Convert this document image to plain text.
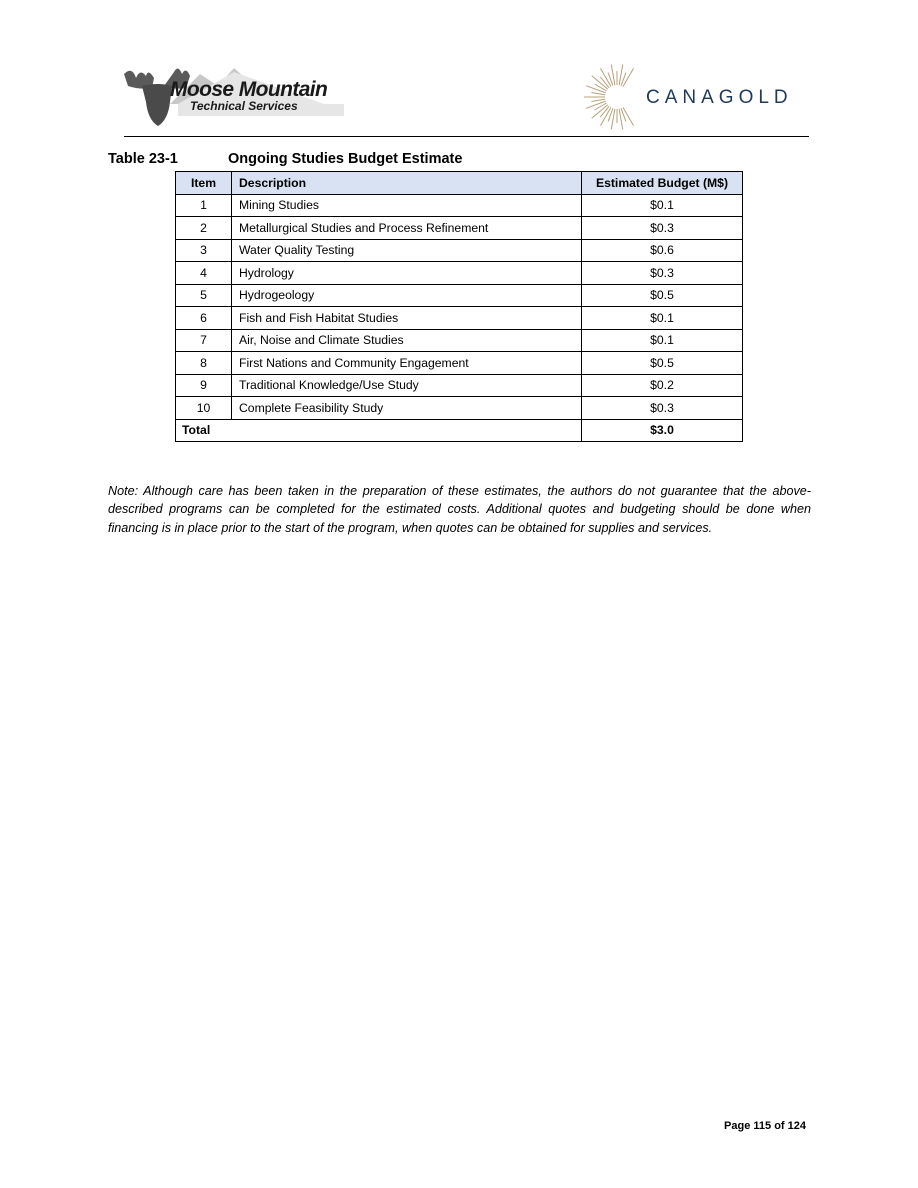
Moose Mountain
Technical Services	CANAGOLD
Table 23-1	Ongoing Studies Budget Estimate
Item	Description	Estimated Budget (M$)
1	Mining Studies	$0.1
2	Metallurgical Studies and Process Refinement	$0.3
3	Water Quality Testing	$0.6
4	Hydrology	$0.3
5	Hydrogeology	$0.5
6	Fish and Fish Habitat Studies	$0.1
7	Air, Noise and Climate Studies	$0.1
8	First Nations and Community Engagement	$0.5
9	Traditional Knowledge/Use Study	$0.2
10	Complete Feasibility Study	$0.3
Total		$3.0

Note: Although care has been taken in the preparation of these estimates, the authors do not guarantee that the above-described programs can be completed for the estimated costs. Additional quotes and budgeting should be done when financing is in place prior to the start of the program, when quotes can be obtained for supplies and services.

Page 115 of 124
